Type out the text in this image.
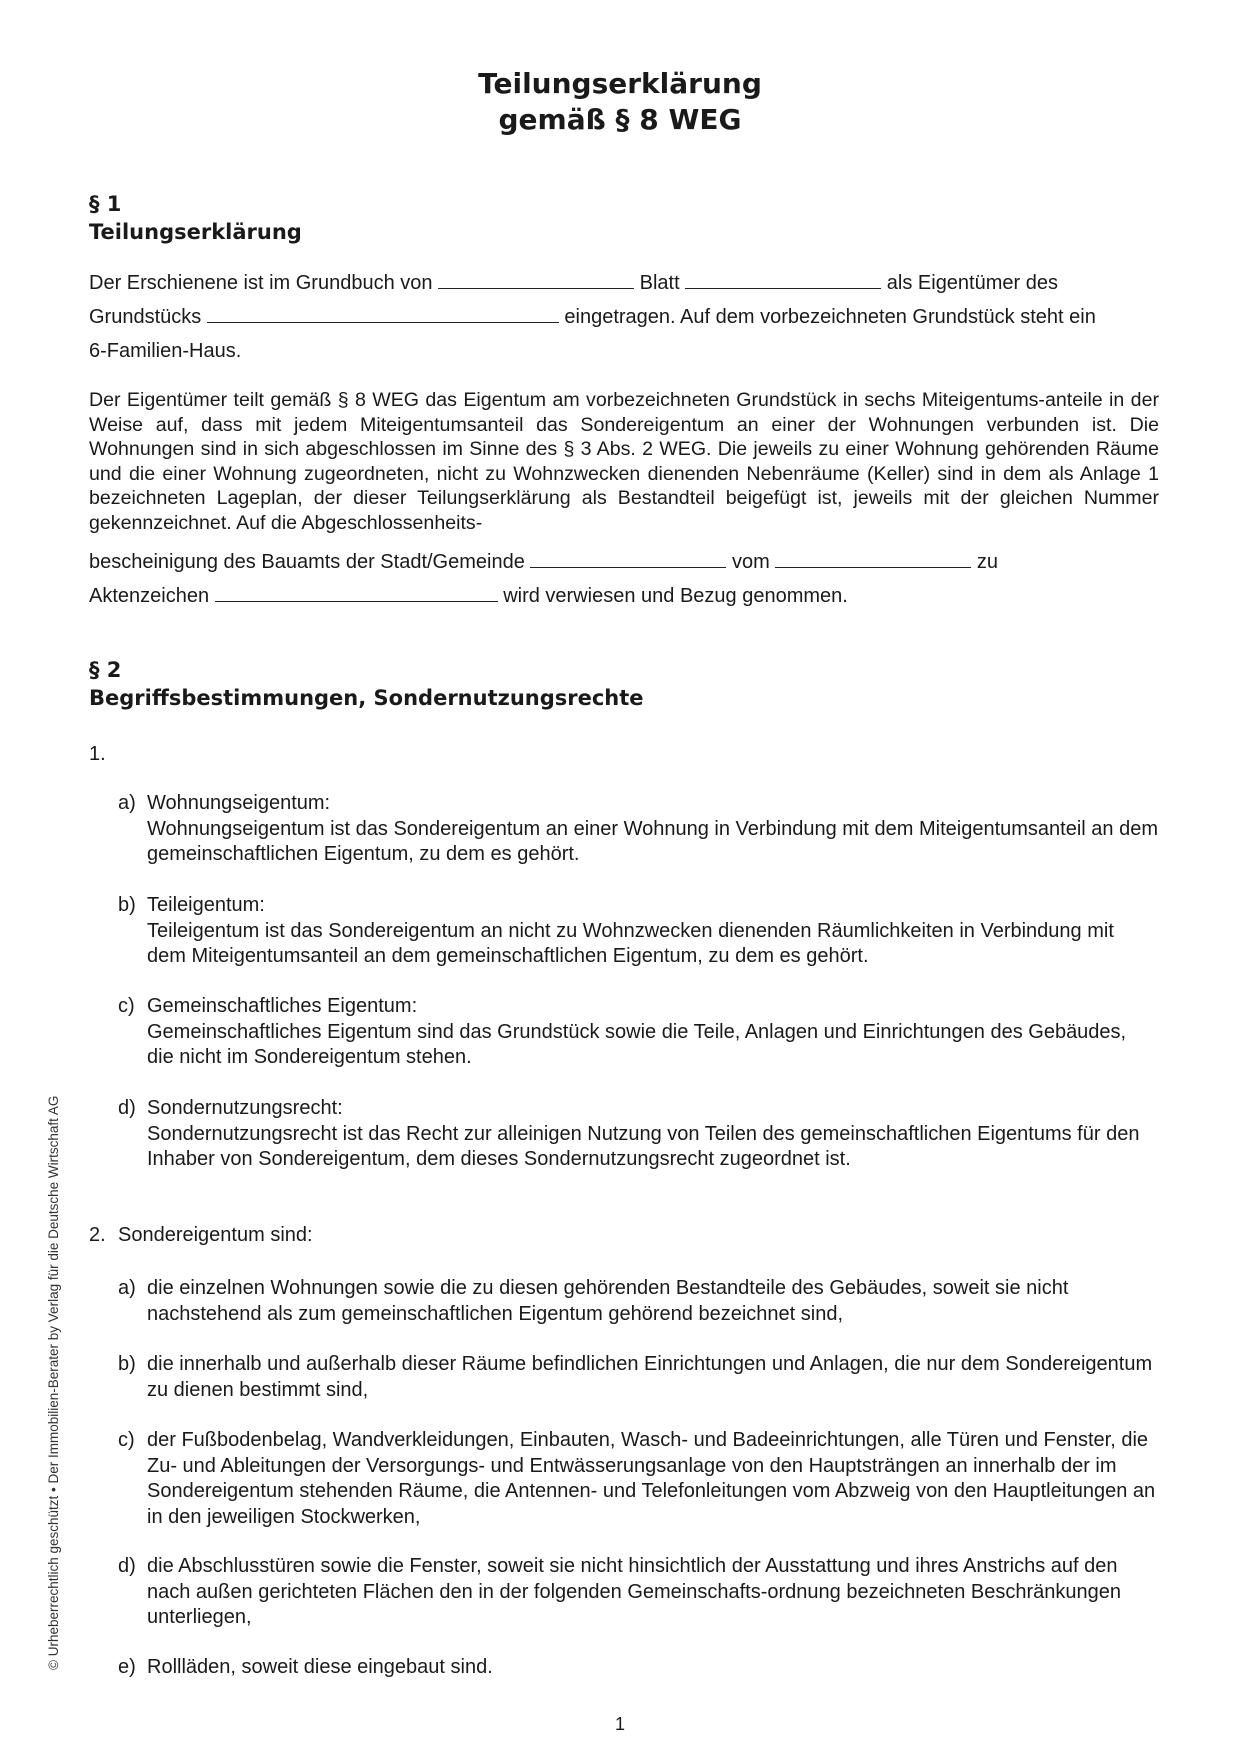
Teilungserklärung
gemäß § 8 WEG
§ 1
Teilungserklärung
Der Erschienene ist im Grundbuch von	Blatt	als Eigentümer des
Grundstücks	eingetragen. Auf dem vorbezeichneten Grundstück steht ein
6-Familien-Haus.
Der Eigentümer teilt gemäß § 8 WEG das Eigentum am vorbezeichneten Grundstück in sechs Miteigentums-anteile in der Weise auf, dass mit jedem Miteigentumsanteil das Sondereigentum an einer der Wohnungen verbunden ist. Die Wohnungen sind in sich abgeschlossen im Sinne des § 3 Abs. 2 WEG. Die jeweils zu einer Wohnung gehörenden Räume und die einer Wohnung zugeordneten, nicht zu Wohnzwecken dienenden Nebenräume (Keller) sind in dem als Anlage 1 bezeichneten Lageplan, der dieser Teilungserklärung als Bestandteil beigefügt ist, jeweils mit der gleichen Nummer gekennzeichnet. Auf die Abgeschlossenheits-
bescheinigung des Bauamts der Stadt/Gemeinde	vom	zu
Aktenzeichen	wird verwiesen und Bezug genommen.
§ 2
Begriffsbestimmungen, Sondernutzungsrechte
1.
a) Wohnungseigentum:
Wohnungseigentum ist das Sondereigentum an einer Wohnung in Verbindung mit dem Miteigentumsanteil an dem gemeinschaftlichen Eigentum, zu dem es gehört.
b) Teileigentum:
Teileigentum ist das Sondereigentum an nicht zu Wohnzwecken dienenden Räumlichkeiten in Verbindung mit dem Miteigentumsanteil an dem gemeinschaftlichen Eigentum, zu dem es gehört.
c) Gemeinschaftliches Eigentum:
Gemeinschaftliches Eigentum sind das Grundstück sowie die Teile, Anlagen und Einrichtungen des Gebäudes, die nicht im Sondereigentum stehen.
d) Sondernutzungsrecht:
Sondernutzungsrecht ist das Recht zur alleinigen Nutzung von Teilen des gemeinschaftlichen Eigentums für den Inhaber von Sondereigentum, dem dieses Sondernutzungsrecht zugeordnet ist.
2. Sondereigentum sind:
a) die einzelnen Wohnungen sowie die zu diesen gehörenden Bestandteile des Gebäudes, soweit sie nicht nachstehend als zum gemeinschaftlichen Eigentum gehörend bezeichnet sind,
b) die innerhalb und außerhalb dieser Räume befindlichen Einrichtungen und Anlagen, die nur dem Sondereigentum zu dienen bestimmt sind,
c) der Fußbodenbelag, Wandverkleidungen, Einbauten, Wasch- und Badeeinrichtungen, alle Türen und Fenster, die Zu- und Ableitungen der Versorgungs- und Entwässerungsanlage von den Hauptsträngen an innerhalb der im Sondereigentum stehenden Räume, die Antennen- und Telefonleitungen vom Abzweig von den Hauptleitungen an in den jeweiligen Stockwerken,
d) die Abschlusstüren sowie die Fenster, soweit sie nicht hinsichtlich der Ausstattung und ihres Anstrichs auf den nach außen gerichteten Flächen den in der folgenden Gemeinschafts-ordnung bezeichneten Beschränkungen unterliegen,
e) Rollläden, soweit diese eingebaut sind.
© Urheberrechtlich geschützt • Der Immobilien-Berater by Verlag für die Deutsche Wirtschaft AG
1
